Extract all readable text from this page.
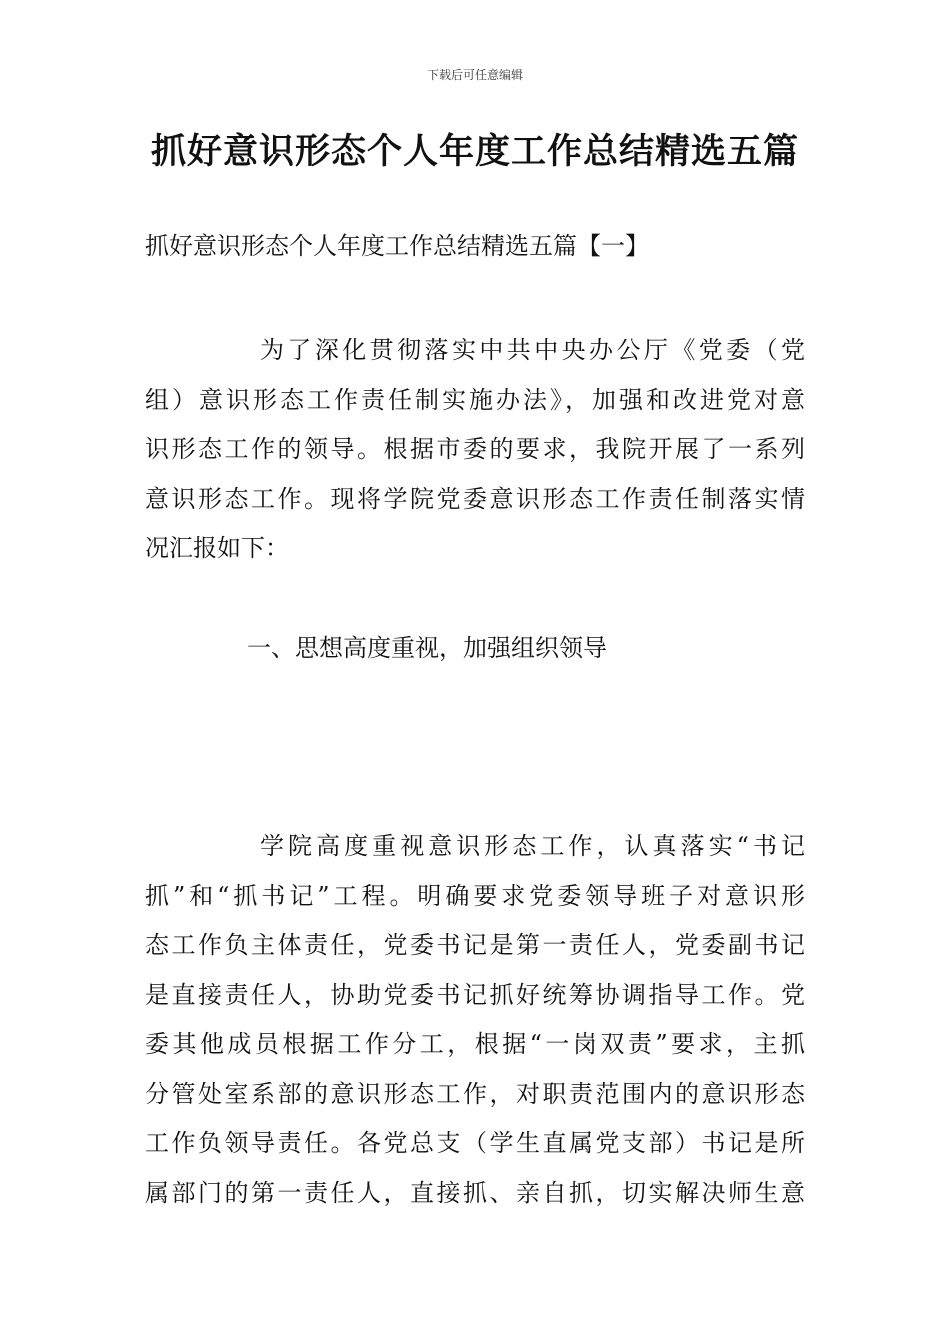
下载后可任意编辑
抓好意识形态个人年度工作总结精选五篇
抓好意识形态个人年度工作总结精选五篇【一】
为了深化贯彻落实中共中央办公厅《党委（党
组）意识形态工作责任制实施办法》，加强和改进党对意
识形态工作的领导。根据市委的要求，我院开展了一系列
意识形态工作。现将学院党委意识形态工作责任制落实情
况汇报如下：
一、思想高度重视，加强组织领导
学院高度重视意识形态工作，认真落实“书记
抓”和“抓书记”工程。明确要求党委领导班子对意识形
态工作负主体责任，党委书记是第一责任人，党委副书记
是直接责任人，协助党委书记抓好统筹协调指导工作。党
委其他成员根据工作分工，根据“一岗双责”要求，主抓
分管处室系部的意识形态工作，对职责范围内的意识形态
工作负领导责任。各党总支（学生直属党支部）书记是所
属部门的第一责任人，直接抓、亲自抓，切实解决师生意
